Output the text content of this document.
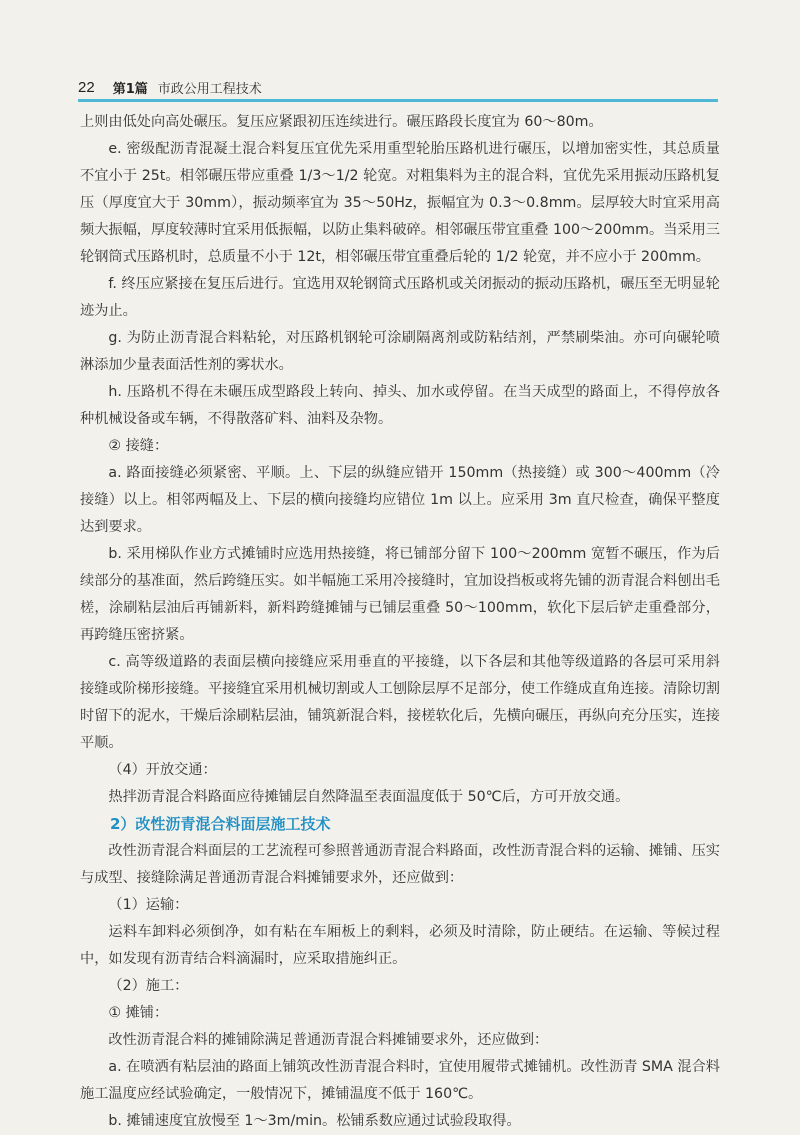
22 第1篇 市政公用工程技术

上则由低处向高处碾压。复压应紧跟初压连续进行。碾压路段长度宜为 60～80m。

e. 密级配沥青混凝土混合料复压宜优先采用重型轮胎压路机进行碾压，以增加密实性，其总质量不宜小于 25t。相邻碾压带应重叠 1/3～1/2 轮宽。对粗集料为主的混合料，宜优先采用振动压路机复压（厚度宜大于 30mm），振动频率宜为 35～50Hz，振幅宜为 0.3～0.8mm。层厚较大时宜采用高频大振幅，厚度较薄时宜采用低振幅，以防止集料破碎。相邻碾压带宜重叠 100～200mm。当采用三轮钢筒式压路机时，总质量不小于 12t，相邻碾压带宜重叠后轮的 1/2 轮宽，并不应小于 200mm。

f. 终压应紧接在复压后进行。宜选用双轮钢筒式压路机或关闭振动的振动压路机，碾压至无明显轮迹为止。

g. 为防止沥青混合料粘轮，对压路机钢轮可涂刷隔离剂或防粘结剂，严禁刷柴油。亦可向碾轮喷淋添加少量表面活性剂的雾状水。

h. 压路机不得在未碾压成型路段上转向、掉头、加水或停留。在当天成型的路面上，不得停放各种机械设备或车辆，不得散落矿料、油料及杂物。

② 接缝：

a. 路面接缝必须紧密、平顺。上、下层的纵缝应错开 150mm（热接缝）或 300～400mm（冷接缝）以上。相邻两幅及上、下层的横向接缝均应错位 1m 以上。应采用 3m 直尺检查，确保平整度达到要求。

b. 采用梯队作业方式摊铺时应选用热接缝，将已铺部分留下 100～200mm 宽暂不碾压，作为后续部分的基准面，然后跨缝压实。如半幅施工采用冷接缝时，宜加设挡板或将先铺的沥青混合料刨出毛槎，涂刷粘层油后再铺新料，新料跨缝摊铺与已铺层重叠 50～100mm，软化下层后铲走重叠部分，再跨缝压密挤紧。

c. 高等级道路的表面层横向接缝应采用垂直的平接缝，以下各层和其他等级道路的各层可采用斜接缝或阶梯形接缝。平接缝宜采用机械切割或人工刨除层厚不足部分，使工作缝成直角连接。清除切割时留下的泥水，干燥后涂刷粘层油，铺筑新混合料，接槎软化后，先横向碾压，再纵向充分压实，连接平顺。

（4）开放交通：

热拌沥青混合料路面应待摊铺层自然降温至表面温度低于 50℃后，方可开放交通。

2）改性沥青混合料面层施工技术

改性沥青混合料面层的工艺流程可参照普通沥青混合料路面，改性沥青混合料的运输、摊铺、压实与成型、接缝除满足普通沥青混合料摊铺要求外，还应做到：

（1）运输：

运料车卸料必须倒净，如有粘在车厢板上的剩料，必须及时清除，防止硬结。在运输、等候过程中，如发现有沥青结合料滴漏时，应采取措施纠正。

（2）施工：

① 摊铺：

改性沥青混合料的摊铺除满足普通沥青混合料摊铺要求外，还应做到：

a. 在喷洒有粘层油的路面上铺筑改性沥青混合料时，宜使用履带式摊铺机。改性沥青 SMA 混合料施工温度应经试验确定，一般情况下，摊铺温度不低于 160℃。

b. 摊铺速度宜放慢至 1～3m/min。松铺系数应通过试验段取得。
